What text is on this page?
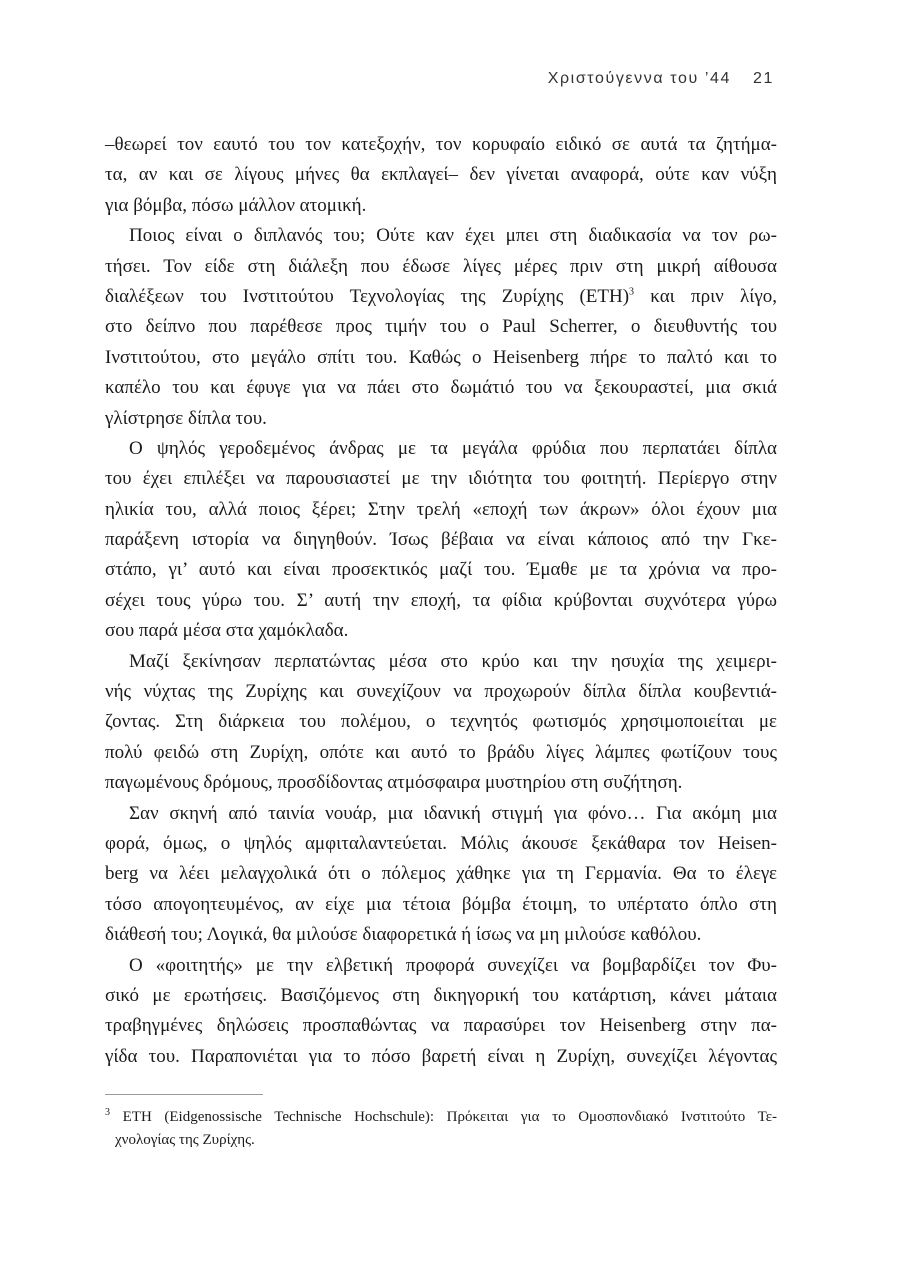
Χριστούγεννα του ’44 21
–θεωρεί τον εαυτό του τον κατεξοχήν, τον κορυφαίο ειδικό σε αυτά τα ζητήμα-
τα, αν και σε λίγους μήνες θα εκπλαγεί– δεν γίνεται αναφορά, ούτε καν νύξη
για βόμβα, πόσω μάλλον ατομική.
Ποιος είναι ο διπλανός του; Ούτε καν έχει μπει στη διαδικασία να τον ρω-
τήσει. Τον είδε στη διάλεξη που έδωσε λίγες μέρες πριν στη μικρή αίθουσα
διαλέξεων του Ινστιτούτου Τεχνολογίας της Ζυρίχης $(ETH)^3$ και πριν λίγο,
στο δείπνο που παρέθεσε προς τιμήν του ο Paul Scherrer, ο διευθυντής του
Ινστιτούτου, στο μεγάλο σπίτι του. Καθώς ο Heisenberg πήρε το παλτό και το
καπέλο του και έφυγε για να πάει στο δωμάτιό του να ξεκουραστεί, μια σκιά
γλίστρησε δίπλα του.
Ο ψηλός γεροδεμένος άνδρας με τα μεγάλα φρύδια που περπατάει δίπλα
του έχει επιλέξει να παρουσιαστεί με την ιδιότητα του φοιτητή. Περίεργο στην
ηλικία του, αλλά ποιος ξέρει; Στην τρελή «εποχή των άκρων» όλοι έχουν μια
παράξενη ιστορία να διηγηθούν. Ίσως βέβαια να είναι κάποιος από την Γκε-
στάπο, γι’ αυτό και είναι προσεκτικός μαζί του. Έμαθε με τα χρόνια να προ-
σέχει τους γύρω του. Σ’ αυτή την εποχή, τα φίδια κρύβονται συχνότερα γύρω
σου παρά μέσα στα χαμόκλαδα.
Μαζί ξεκίνησαν περπατώντας μέσα στο κρύο και την ησυχία της χειμερι-
νής νύχτας της Ζυρίχης και συνεχίζουν να προχωρούν δίπλα δίπλα κουβεντιά-
ζοντας. Στη διάρκεια του πολέμου, ο τεχνητός φωτισμός χρησιμοποιείται με
πολύ φειδώ στη Ζυρίχη, οπότε και αυτό το βράδυ λίγες λάμπες φωτίζουν τους
παγωμένους δρόμους, προσδίδοντας ατμόσφαιρα μυστηρίου στη συζήτηση.
Σαν σκηνή από ταινία νουάρ, μια ιδανική στιγμή για φόνο… Για ακόμη μια
φορά, όμως, ο ψηλός αμφιταλαντεύεται. Μόλις άκουσε ξεκάθαρα τον Heisen-
berg να λέει μελαγχολικά ότι ο πόλεμος χάθηκε για τη Γερμανία. Θα το έλεγε
τόσο απογοητευμένος, αν είχε μια τέτοια βόμβα έτοιμη, το υπέρτατο όπλο στη
διάθεσή του; Λογικά, θα μιλούσε διαφορετικά ή ίσως να μη μιλούσε καθόλου.
Ο «φοιτητής» με την ελβετική προφορά συνεχίζει να βομβαρδίζει τον Φυ-
σικό με ερωτήσεις. Βασιζόμενος στη δικηγορική του κατάρτιση, κάνει μάταια
τραβηγμένες δηλώσεις προσπαθώντας να παρασύρει τον Heisenberg στην πα-
γίδα του. Παραπονιέται για το πόσο βαρετή είναι η Ζυρίχη, συνεχίζει λέγοντας
$^3$ ΕΤΗ (Eidgenossische Technische Hochschule): Πρόκειται για το Ομοσπονδιακό Ινστιτούτο Τε-
χνολογίας της Ζυρίχης.
